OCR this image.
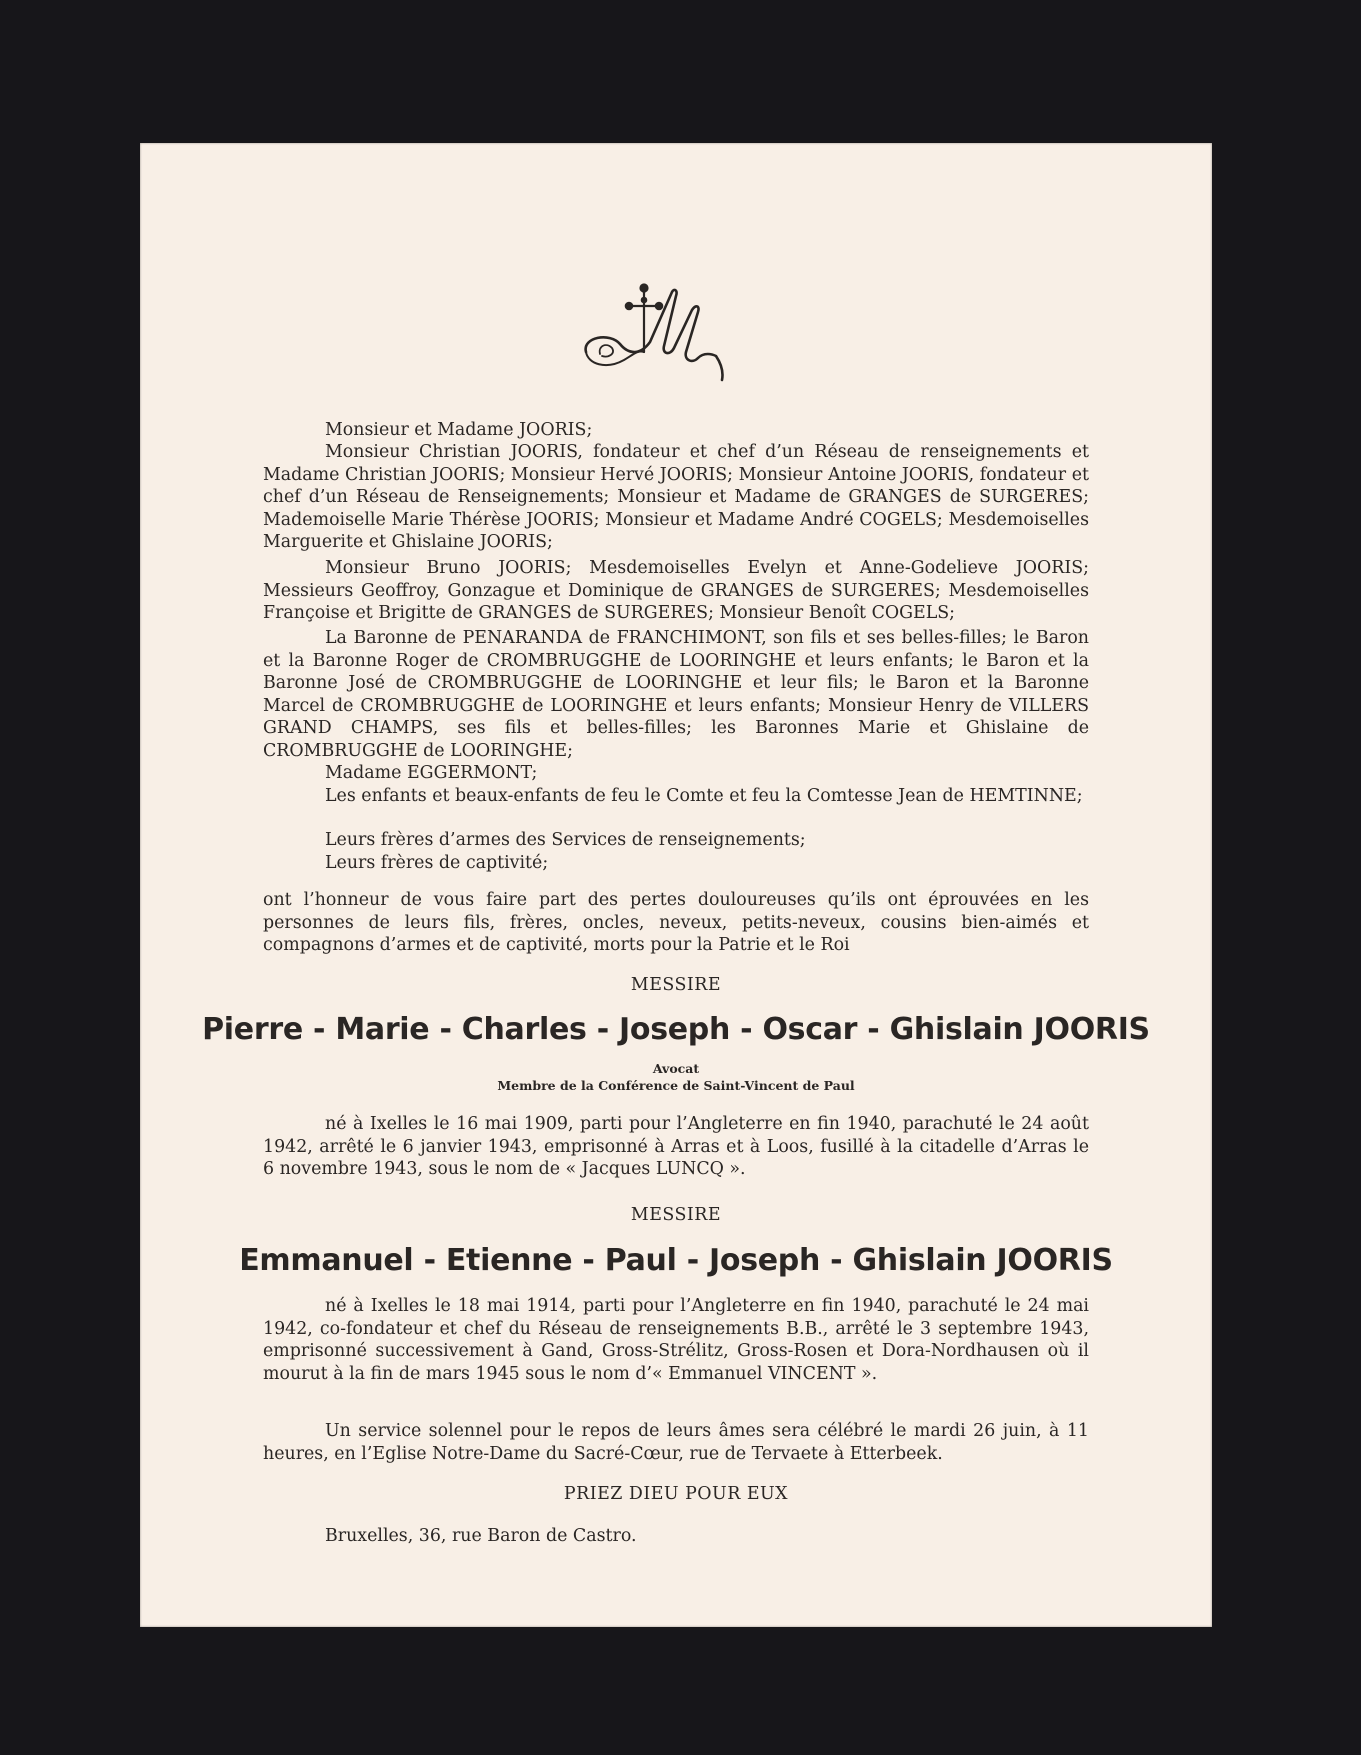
Monsieur et Madame JOORIS;
Monsieur Christian JOORIS, fondateur et chef d’un Réseau de renseignements et Madame Christian JOORIS; Monsieur Hervé JOORIS; Monsieur Antoine JOORIS, fondateur et chef d’un Réseau de Renseignements; Monsieur et Madame de GRANGES de SURGERES; Mademoiselle Marie Thérèse JOORIS; Monsieur et Madame André COGELS; Mesdemoiselles Marguerite et Ghislaine JOORIS;
Monsieur Bruno JOORIS; Mesdemoiselles Evelyn et Anne-Godelieve JOORIS; Messieurs Geoffroy, Gonzague et Dominique de GRANGES de SURGERES; Mesdemoiselles Françoise et Brigitte de GRANGES de SURGERES; Monsieur Benoît COGELS;
La Baronne de PENARANDA de FRANCHIMONT, son fils et ses belles-filles; le Baron et la Baronne Roger de CROMBRUGGHE de LOORINGHE et leurs enfants; le Baron et la Baronne José de CROMBRUGGHE de LOORINGHE et leur fils; le Baron et la Baronne Marcel de CROMBRUGGHE de LOORINGHE et leurs enfants; Monsieur Henry de VILLERS GRAND CHAMPS, ses fils et belles-filles; les Baronnes Marie et Ghislaine de CROMBRUGGHE de LOORINGHE;
Madame EGGERMONT;
Les enfants et beaux-enfants de feu le Comte et feu la Comtesse Jean de HEMTINNE;
Leurs frères d’armes des Services de renseignements;
Leurs frères de captivité;
ont l’honneur de vous faire part des pertes douloureuses qu’ils ont éprouvées en les personnes de leurs fils, frères, oncles, neveux, petits-neveux, cousins bien-aimés et compagnons d’armes et de captivité, morts pour la Patrie et le Roi
MESSIRE
Pierre - Marie - Charles - Joseph - Oscar - Ghislain JOORIS
Avocat
Membre de la Conférence de Saint-Vincent de Paul
né à Ixelles le 16 mai 1909, parti pour l’Angleterre en fin 1940, parachuté le 24 août 1942, arrêté le 6 janvier 1943, emprisonné à Arras et à Loos, fusillé à la citadelle d’Arras le 6 novembre 1943, sous le nom de « Jacques LUNCQ ».
MESSIRE
Emmanuel - Etienne - Paul - Joseph - Ghislain JOORIS
né à Ixelles le 18 mai 1914, parti pour l’Angleterre en fin 1940, parachuté le 24 mai 1942, co-fondateur et chef du Réseau de renseignements B.B., arrêté le 3 septembre 1943, emprisonné successivement à Gand, Gross-Strélitz, Gross-Rosen et Dora-Nordhausen où il mourut à la fin de mars 1945 sous le nom d’« Emmanuel VINCENT ».
Un service solennel pour le repos de leurs âmes sera célébré le mardi 26 juin, à 11 heures, en l’Eglise Notre-Dame du Sacré-Cœur, rue de Tervaete à Etterbeek.
PRIEZ DIEU POUR EUX
Bruxelles, 36, rue Baron de Castro.
